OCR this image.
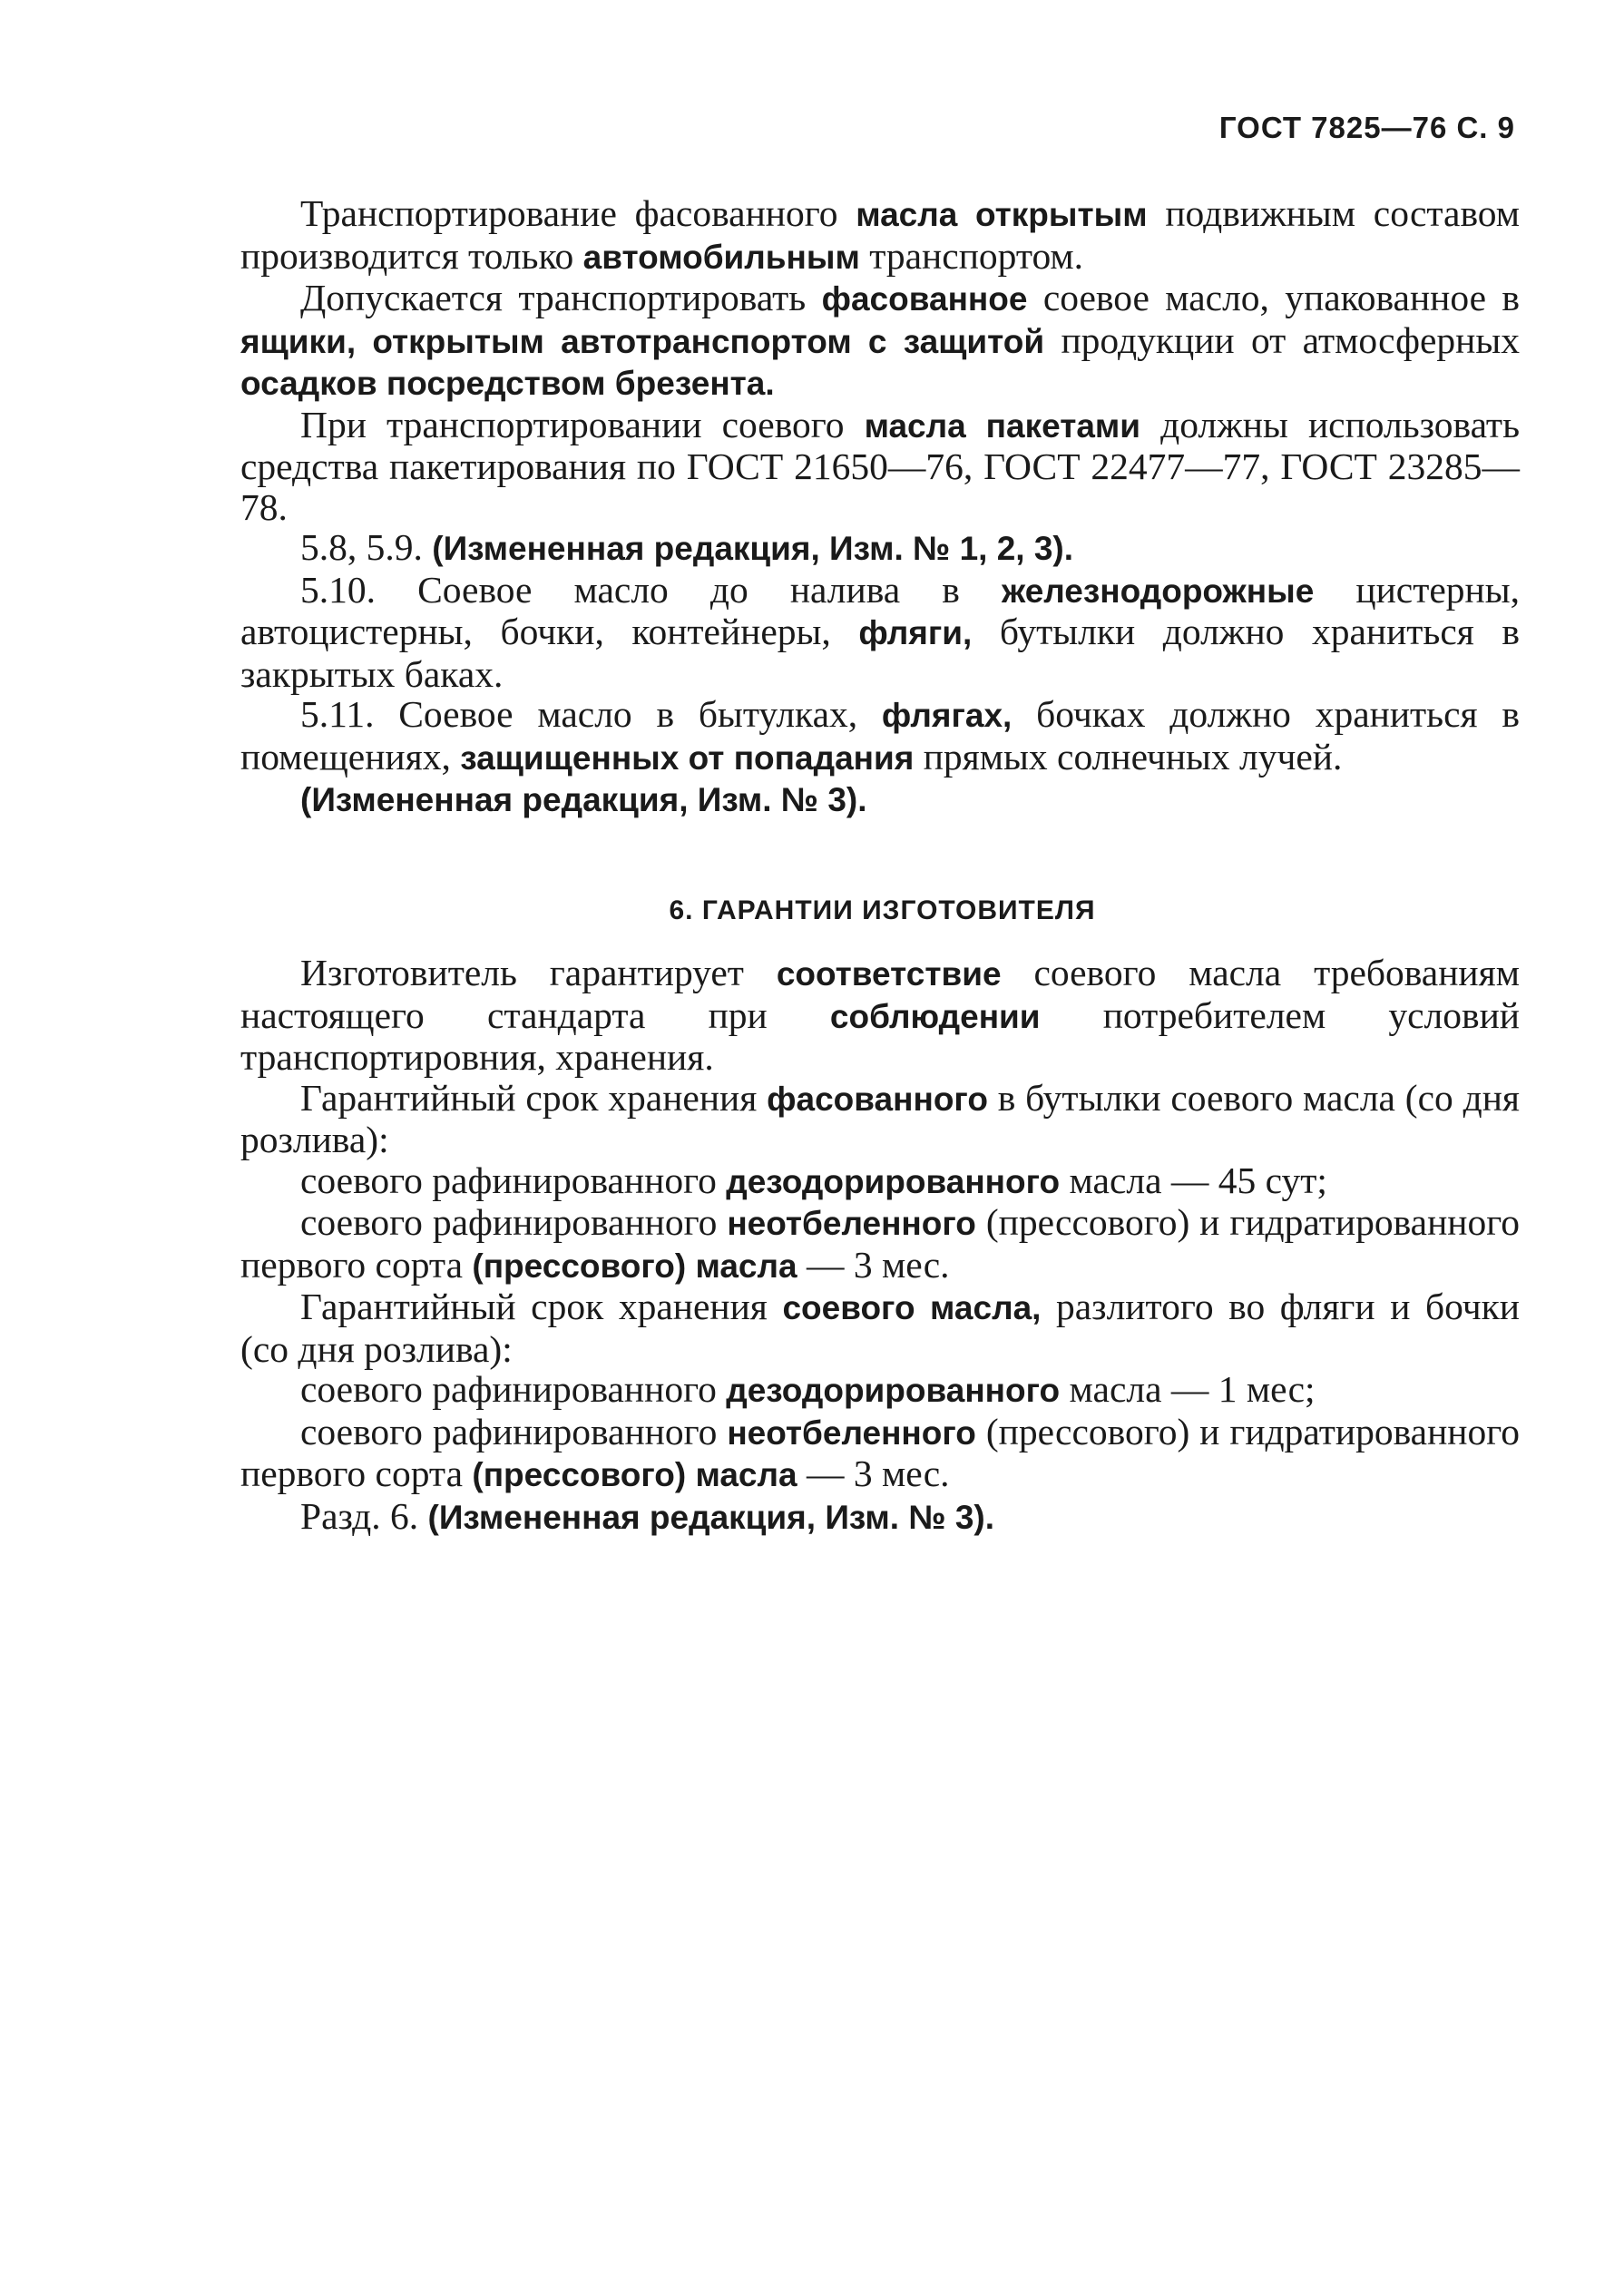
ГОСТ 7825—76 С. 9

Транспортирование фасованного масла открытым подвижным составом производится только автомобильным транспортом.

Допускается транспортировать фасованное соевое масло, упакованное в ящики, открытым автотранспортом с защитой продукции от атмосферных осадков посредством брезента.

При транспортировании соевого масла пакетами должны использовать средства пакетирования по ГОСТ 21650—76, ГОСТ 22477—77, ГОСТ 23285—78.

5.8, 5.9. (Измененная редакция, Изм. № 1, 2, 3).

5.10. Соевое масло до налива в железнодорожные цистерны, автоцистерны, бочки, контейнеры, фляги, бутылки должно храниться в закрытых баках.

5.11. Соевое масло в бытулках, флягах, бочках должно храниться в помещениях, защищенных от попадания прямых солнечных лучей.

(Измененная редакция, Изм. № 3).

6. ГАРАНТИИ ИЗГОТОВИТЕЛЯ

Изготовитель гарантирует соответствие соевого масла требованиям настоящего стандарта при соблюдении потребителем условий транспортировния, хранения.

Гарантийный срок хранения фасованного в бутылки соевого масла (со дня розлива):

соевого рафинированного дезодорированного масла — 45 сут;

соевого рафинированного неотбеленного (прессового) и гидратированного первого сорта (прессового) масла — 3 мес.

Гарантийный срок хранения соевого масла, разлитого во фляги и бочки (со дня розлива):

соевого рафинированного дезодорированного масла — 1 мес;

соевого рафинированного неотбеленного (прессового) и гидратированного первого сорта (прессового) масла — 3 мес.

Разд. 6. (Измененная редакция, Изм. № 3).
